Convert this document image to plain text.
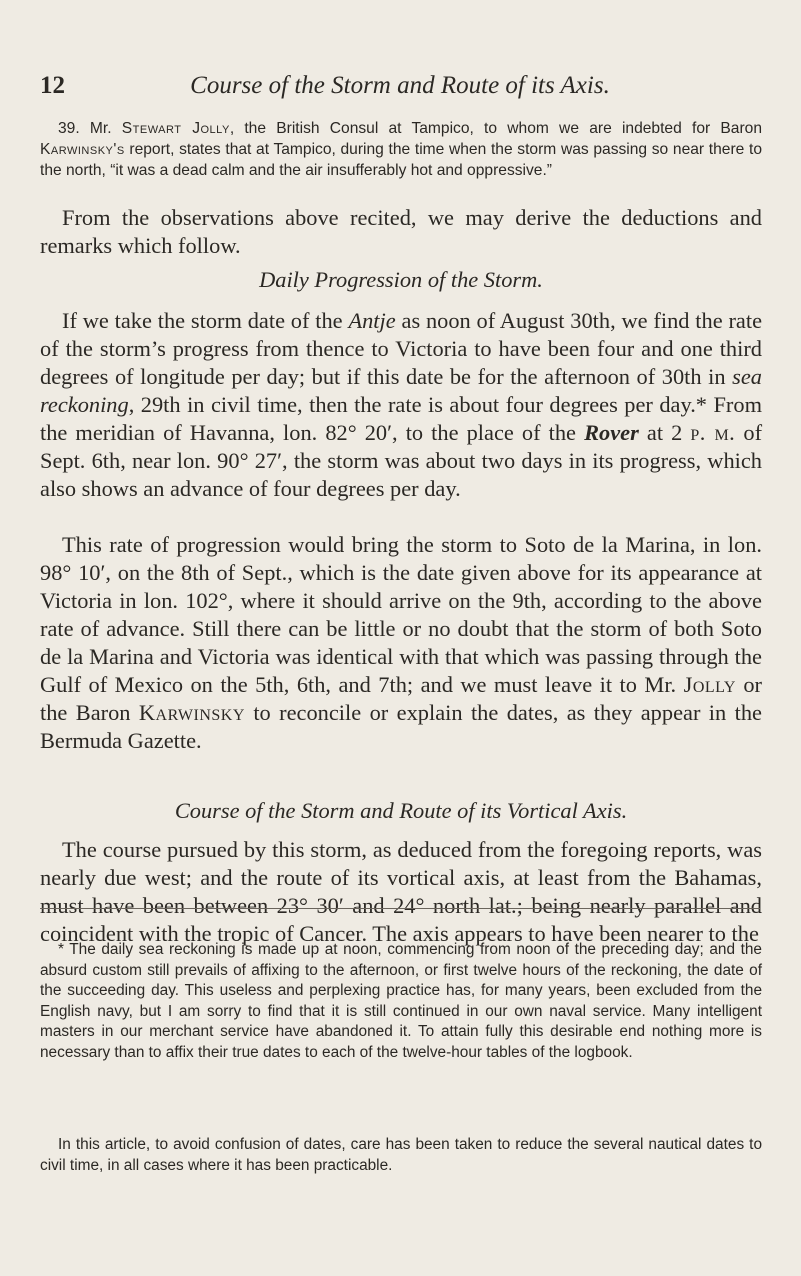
12	Course of the Storm and Route of its Axis.

39. Mr. Stewart Jolly, the British Consul at Tampico, to whom we are indebted for Baron Karwinsky's report, states that at Tampico, during the time when the storm was passing so near there to the north, “it was a dead calm and the air insufferably hot and oppressive.”

From the observations above recited, we may derive the deductions and remarks which follow.

Daily Progression of the Storm.

If we take the storm date of the Antje as noon of August 30th, we find the rate of the storm’s progress from thence to Victoria to have been four and one third degrees of longitude per day; but if this date be for the afternoon of 30th in sea reckoning, 29th in civil time, then the rate is about four degrees per day.* From the meridian of Havanna, lon. 82° 20′, to the place of the Rover at 2 p. m. of Sept. 6th, near lon. 90° 27′, the storm was about two days in its progress, which also shows an advance of four degrees per day.

This rate of progression would bring the storm to Soto de la Marina, in lon. 98° 10′, on the 8th of Sept., which is the date given above for its appearance at Victoria in lon. 102°, where it should arrive on the 9th, according to the above rate of advance. Still there can be little or no doubt that the storm of both Soto de la Marina and Victoria was identical with that which was passing through the Gulf of Mexico on the 5th, 6th, and 7th; and we must leave it to Mr. Jolly or the Baron Karwinsky to reconcile or explain the dates, as they appear in the Bermuda Gazette.

Course of the Storm and Route of its Vortical Axis.

The course pursued by this storm, as deduced from the foregoing reports, was nearly due west; and the route of its vortical axis, at least from the Bahamas, must have been between 23° 30′ and 24° north lat.; being nearly parallel and coincident with the tropic of Cancer. The axis appears to have been nearer to the

* The daily sea reckoning is made up at noon, commencing from noon of the preceding day; and the absurd custom still prevails of affixing to the afternoon, or first twelve hours of the reckoning, the date of the succeeding day. This useless and perplexing practice has, for many years, been excluded from the English navy, but I am sorry to find that it is still continued in our own naval service. Many intelligent masters in our merchant service have abandoned it. To attain fully this desirable end nothing more is necessary than to affix their true dates to each of the twelve-hour tables of the logbook.

In this article, to avoid confusion of dates, care has been taken to reduce the several nautical dates to civil time, in all cases where it has been practicable.
